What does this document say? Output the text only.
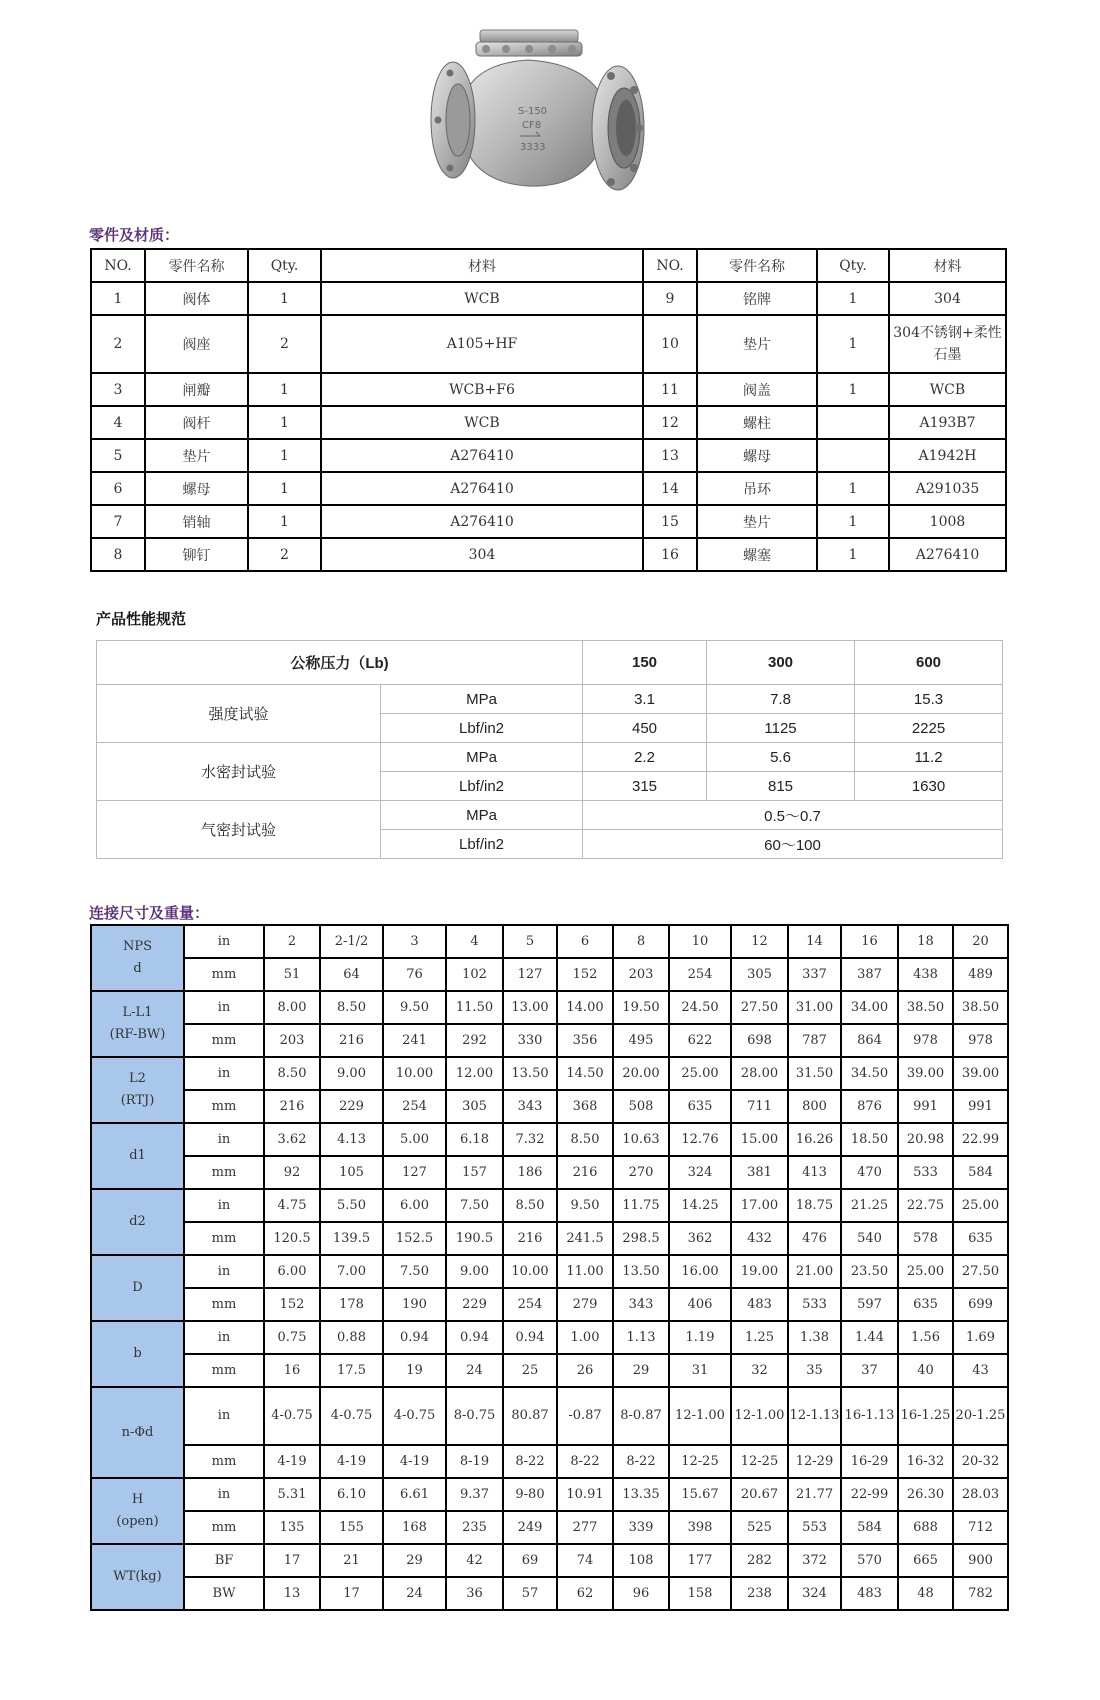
S-150
CF8
3333
零件及材质：
NO.	零件名称	Qty.	材料	NO.	零件名称	Qty.	材料
1	阀体	1	WCB	9	铭牌	1	304
2	阀座	2	A105+HF	10	垫片	1	304不锈钢+柔性石墨
3	闸瓣	1	WCB+F6	11	阀盖	1	WCB
4	阀杆	1	WCB	12	螺柱		A193B7
5	垫片	1	A276410	13	螺母		A1942H
6	螺母	1	A276410	14	吊环	1	A291035
7	销轴	1	A276410	15	垫片	1	1008
8	铆钉	2	304	16	螺塞	1	A276410
产品性能规范
公称压力（Lb)		150	300	600
强度试验	MPa	3.1	7.8	15.3
	Lbf/in2	450	1125	2225
水密封试验	MPa	2.2	5.6	11.2
	Lbf/in2	315	815	1630
气密封试验	MPa	0.5～0.7		
	Lbf/in2	60～100		
连接尺寸及重量：
NPS
d	in	2	2-1/2	3	4	5	6	8	10	12	14	16	18	20
	mm	51	64	76	102	127	152	203	254	305	337	387	438	489

L-L1
(RF-BW)	in	8.00	8.50	9.50	11.50	13.00	14.00	19.50	24.50	27.50	31.00	34.00	38.50	38.50
	mm	203	216	241	292	330	356	495	622	698	787	864	978	978

L2
(RTJ)	in	8.50	9.00	10.00	12.00	13.50	14.50	20.00	25.00	28.00	31.50	34.50	39.00	39.00
	mm	216	229	254	305	343	368	508	635	711	800	876	991	991

d1	in	3.62	4.13	5.00	6.18	7.32	8.50	10.63	12.76	15.00	16.26	18.50	20.98	22.99
	mm	92	105	127	157	186	216	270	324	381	413	470	533	584

d2	in	4.75	5.50	6.00	7.50	8.50	9.50	11.75	14.25	17.00	18.75	21.25	22.75	25.00
	mm	120.5	139.5	152.5	190.5	216	241.5	298.5	362	432	476	540	578	635

D	in	6.00	7.00	7.50	9.00	10.00	11.00	13.50	16.00	19.00	21.00	23.50	25.00	27.50
	mm	152	178	190	229	254	279	343	406	483	533	597	635	699

b	in	0.75	0.88	0.94	0.94	0.94	1.00	1.13	1.19	1.25	1.38	1.44	1.56	1.69
	mm	16	17.5	19	24	25	26	29	31	32	35	37	40	43

n-Φd	in	4-0.75	4-0.75	4-0.75	8-0.75	80.87	-0.87	8-0.87	12-1.00	12-1.00	12-1.13	16-1.13	16-1.25	20-1.25
	mm	4-19	4-19	4-19	8-19	8-22	8-22	8-22	12-25	12-25	12-29	16-29	16-32	20-32

H
(open)	in	5.31	6.10	6.61	9.37	9-80	10.91	13.35	15.67	20.67	21.77	22-99	26.30	28.03
	mm	135	155	168	235	249	277	339	398	525	553	584	688	712

WT(kg)	BF	17	21	29	42	69	74	108	177	282	372	570	665	900
	BW	13	17	24	36	57	62	96	158	238	324	483	48	782
